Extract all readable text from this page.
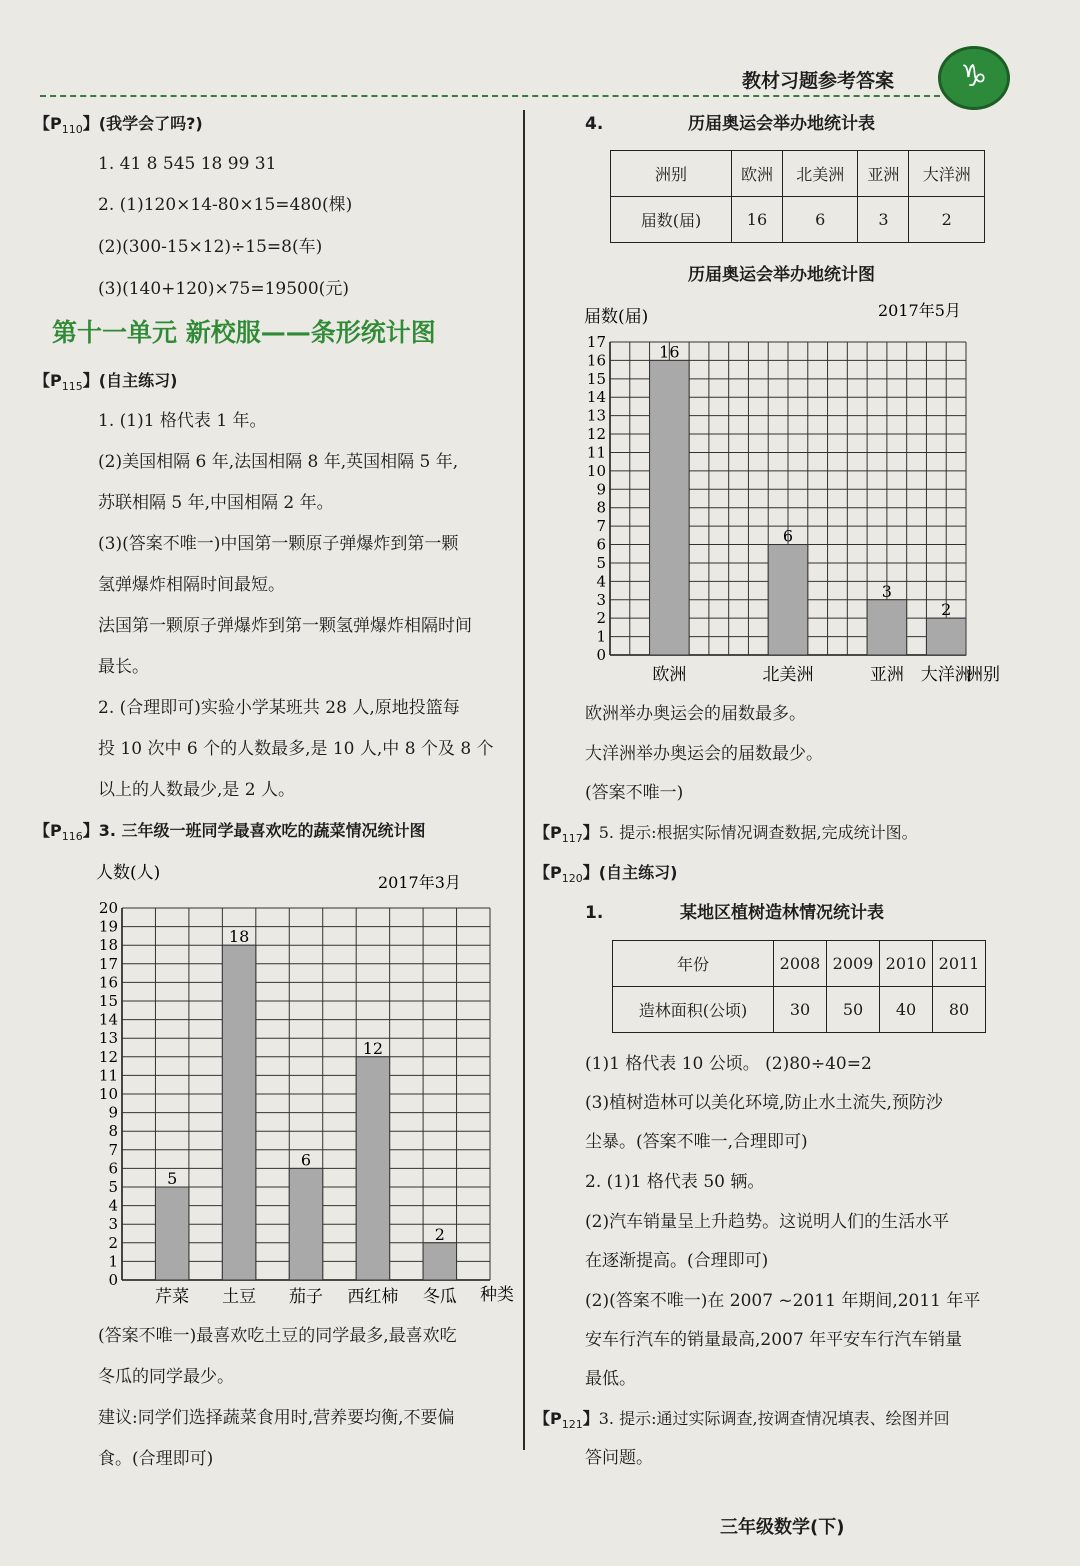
教材习题参考答案
♑
【$P_{110}$】(我学会了吗?)
1. 41 8 545 18 99 31
2. (1)120×14-80×15=480(棵)
(2)(300-15×12)÷15=8(车)
(3)(140+120)×75=19500(元)
第十一单元 新校服——条形统计图
【$P_{115}$】(自主练习)
1. (1)1 格代表 1 年。
(2)美国相隔 6 年,法国相隔 8 年,英国相隔 5 年,
苏联相隔 5 年,中国相隔 2 年。
(3)(答案不唯一)中国第一颗原子弹爆炸到第一颗
氢弹爆炸相隔时间最短。
法国第一颗原子弹爆炸到第一颗氢弹爆炸相隔时间
最长。
2. (合理即可)实验小学某班共 28 人,原地投篮每
投 10 次中 6 个的人数最多,是 10 人,中 8 个及 8 个
以上的人数最少,是 2 人。
【$P_{116}$】3. 三年级一班同学最喜欢吃的蔬菜情况统计图
人数(人)	2017年3月
0
1
2
3
4
5
6
7
8
9
10
11
12
13
14
15
16
17
18
19
20
5
芹菜
18
土豆
6
茄子
12
西红柿
2
冬瓜 种类
(答案不唯一)最喜欢吃土豆的同学最多,最喜欢吃
冬瓜的同学最少。
建议:同学们选择蔬菜食用时,营养要均衡,不要偏
食。(合理即可)
4.	历届奥运会举办地统计表
洲别	欧洲	北美洲	亚洲	大洋洲
届数(届)	16	6	3	2
历届奥运会举办地统计图
届数(届)	2017年5月
0
1
2
3
4
5
6
7
8
9
10
11
12
13
14
15
16
17
16
欧洲
6
北美洲
3
亚洲
2
大洋洲
洲别
欧洲举办奥运会的届数最多。
大洋洲举办奥运会的届数最少。
(答案不唯一)
【$P_{117}$】5. 提示:根据实际情况调查数据,完成统计图。
【$P_{120}$】(自主练习)
1.	某地区植树造林情况统计表
年份	2008	2009	2010	2011
造林面积(公顷)	30	50	40	80
(1)1 格代表 10 公顷。 (2)80÷40=2
(3)植树造林可以美化环境,防止水土流失,预防沙
尘暴。(答案不唯一,合理即可)
2. (1)1 格代表 50 辆。
(2)汽车销量呈上升趋势。这说明人们的生活水平
在逐渐提高。(合理即可)
(2)(答案不唯一)在 2007 ~2011 年期间,2011 年平
安车行汽车的销量最高,2007 年平安车行汽车销量
最低。
【$P_{121}$】3. 提示:通过实际调查,按调查情况填表、绘图并回
答问题。
三年级数学(下)
